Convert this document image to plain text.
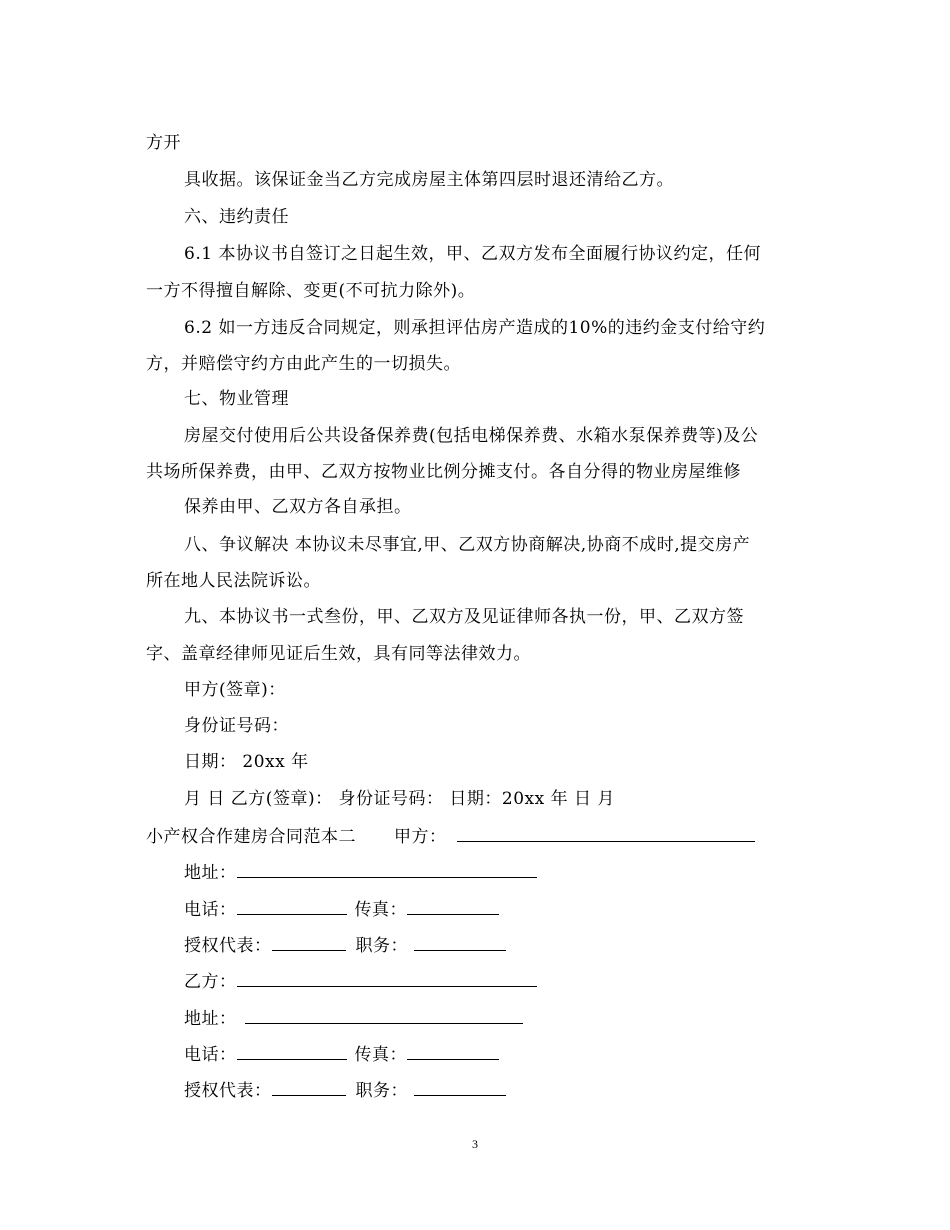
方开
具收据。该保证金当乙方完成房屋主体第四层时退还清给乙方。
六、违约责任
6.1 本协议书自签订之日起生效，甲、乙双方发布全面履行协议约定，任何
一方不得擅自解除、变更(不可抗力除外)。
6.2 如一方违反合同规定，则承担评估房产造成的10%的违约金支付给守约
方，并赔偿守约方由此产生的一切损失。
七、物业管理
房屋交付使用后公共设备保养费(包括电梯保养费、水箱水泵保养费等)及公
共场所保养费，由甲、乙双方按物业比例分摊支付。各自分得的物业房屋维修
保养由甲、乙双方各自承担。
八、争议解决 本协议未尽事宜,甲、乙双方协商解决,协商不成时,提交房产
所在地人民法院诉讼。
九、本协议书一式叁份，甲、乙双方及见证律师各执一份，甲、乙双方签
字、盖章经律师见证后生效，具有同等法律效力。
甲方(签章)：
身份证号码：
日期： 20xx 年
月 日 乙方(签章)： 身份证号码： 日期：20xx 年 日 月
小产权合作建房合同范本二 甲方：
地址：
电话：	传真：
授权代表：	职务：
乙方：
地址：
电话：	传真：
授权代表：	职务：
3
